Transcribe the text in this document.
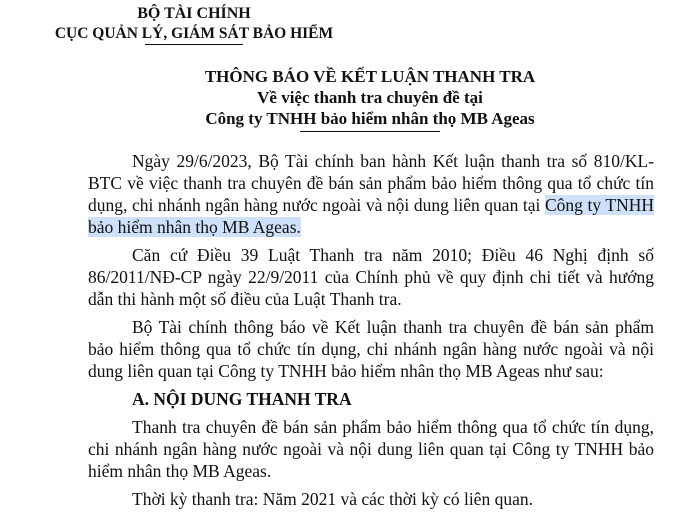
BỘ TÀI CHÍNH
CỤC QUẢN LÝ, GIÁM SÁT BẢO HIỂM
THÔNG BÁO VỀ KẾT LUẬN THANH TRA
Về việc thanh tra chuyên đề tại
Công ty TNHH bảo hiểm nhân thọ MB Ageas

Ngày 29/6/2023, Bộ Tài chính ban hành Kết luận thanh tra số 810/KL-BTC về việc thanh tra chuyên đề bán sản phẩm bảo hiểm thông qua tổ chức tín dụng, chi nhánh ngân hàng nước ngoài và nội dung liên quan tại Công ty TNHH bảo hiểm nhân thọ MB Ageas.

Căn cứ Điều 39 Luật Thanh tra năm 2010; Điều 46 Nghị định số 86/2011/NĐ-CP ngày 22/9/2011 của Chính phủ về quy định chi tiết và hướng dẫn thi hành một số điều của Luật Thanh tra.

Bộ Tài chính thông báo về Kết luận thanh tra chuyên đề bán sản phẩm bảo hiểm thông qua tổ chức tín dụng, chi nhánh ngân hàng nước ngoài và nội dung liên quan tại Công ty TNHH bảo hiểm nhân thọ MB Ageas như sau:

A. NỘI DUNG THANH TRA

Thanh tra chuyên đề bán sản phẩm bảo hiểm thông qua tổ chức tín dụng, chi nhánh ngân hàng nước ngoài và nội dung liên quan tại Công ty TNHH bảo hiểm nhân thọ MB Ageas.

Thời kỳ thanh tra: Năm 2021 và các thời kỳ có liên quan.
